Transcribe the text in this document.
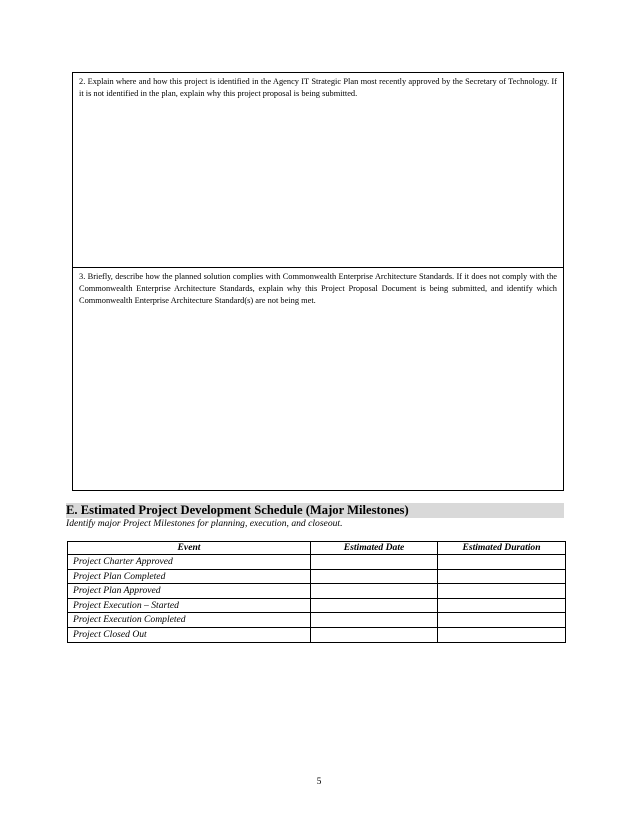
2. Explain where and how this project is identified in the Agency IT Strategic Plan most recently approved by the Secretary of Technology. If it is not identified in the plan, explain why this project proposal is being submitted.
3. Briefly, describe how the planned solution complies with Commonwealth Enterprise Architecture Standards. If it does not comply with the Commonwealth Enterprise Architecture Standards, explain why this Project Proposal Document is being submitted, and identify which Commonwealth Enterprise Architecture Standard(s) are not being met.
E. Estimated Project Development Schedule (Major Milestones)
Identify major Project Milestones for planning, execution, and closeout.
Event	Estimated Date	Estimated Duration
Project Charter Approved		
Project Plan Completed		
Project Plan Approved		
Project Execution – Started		
Project Execution Completed		
Project Closed Out		
5
